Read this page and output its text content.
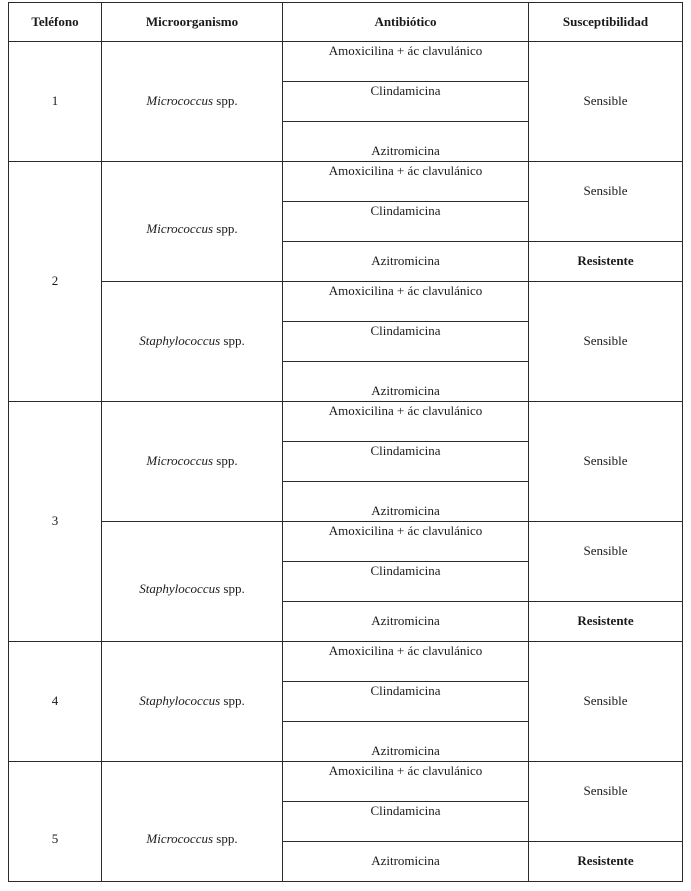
Teléfono	Microorganismo	Antibiótico	Susceptibilidad
1	Micrococcus spp.	Amoxicilina + ác clavulánico	Sensible
		Clindamicina	
		Azitromicina	
2	Micrococcus spp.	Amoxicilina + ác clavulánico	Sensible
		Clindamicina	
		Azitromicina	Resistente
	Staphylococcus spp.	Amoxicilina + ác clavulánico	Sensible
		Clindamicina	
		Azitromicina	
3	Micrococcus spp.	Amoxicilina + ác clavulánico	Sensible
		Clindamicina	
		Azitromicina	
	Staphylococcus spp.	Amoxicilina + ác clavulánico	Sensible
		Clindamicina	
		Azitromicina	Resistente
4	Staphylococcus spp.	Amoxicilina + ác clavulánico	Sensible
		Clindamicina	
		Azitromicina	
5	Micrococcus spp.	Amoxicilina + ác clavulánico	Sensible
		Clindamicina	
		Azitromicina	Resistente
